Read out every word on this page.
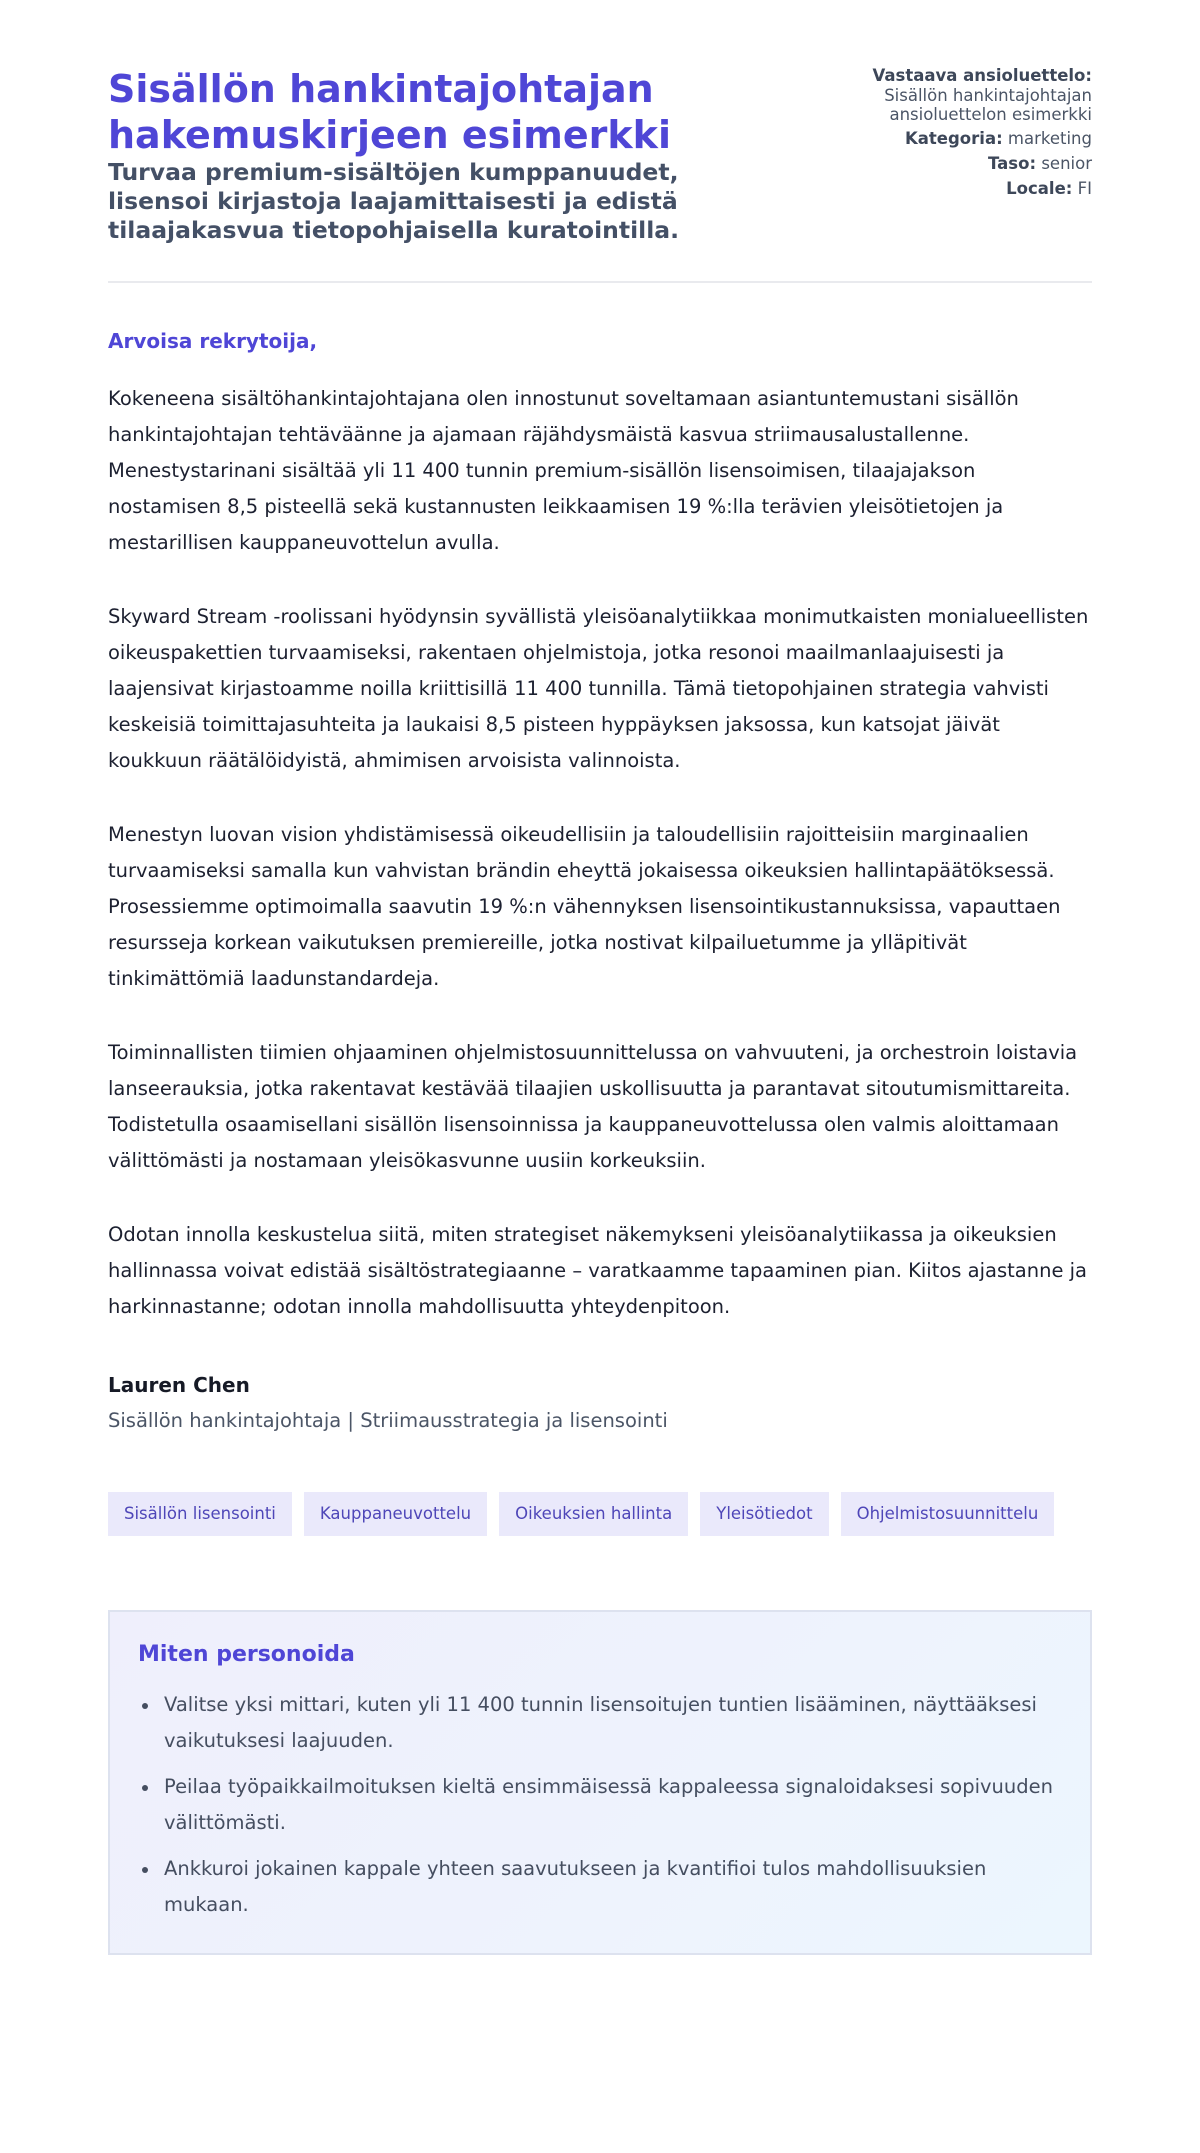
Sisällön hankintajohtajan hakemuskirjeen esimerkki
Turvaa premium-sisältöjen kumppanuudet, lisensoi kirjastoja laajamittaisesti ja edistä tilaajakasvua tietopohjaisella kuratointilla.
Vastaava ansioluettelo:
Sisällön hankintajohtajan ansioluettelon esimerkki
Kategoria: marketing
Taso: senior
Locale: FI

Arvoisa rekrytoija,

Kokeneena sisältöhankintajohtajana olen innostunut soveltamaan asiantuntemustani sisällön hankintajohtajan tehtäväänne ja ajamaan räjähdysmäistä kasvua striimausalustallenne. Menestystarinani sisältää yli 11 400 tunnin premium-sisällön lisensoimisen, tilaajajakson nostamisen 8,5 pisteellä sekä kustannusten leikkaamisen 19 %:lla terävien yleisötietojen ja mestarillisen kauppaneuvottelun avulla.

Skyward Stream -roolissani hyödynsin syvällistä yleisöanalytiikkaa monimutkaisten monialueellisten oikeuspakettien turvaamiseksi, rakentaen ohjelmistoja, jotka resonoi maailmanlaajuisesti ja laajensivat kirjastoamme noilla kriittisillä 11 400 tunnilla. Tämä tietopohjainen strategia vahvisti keskeisiä toimittajasuhteita ja laukaisi 8,5 pisteen hyppäyksen jaksossa, kun katsojat jäivät koukkuun räätälöidyistä, ahmimisen arvoisista valinnoista.

Menestyn luovan vision yhdistämisessä oikeudellisiin ja taloudellisiin rajoitteisiin marginaalien turvaamiseksi samalla kun vahvistan brändin eheyttä jokaisessa oikeuksien hallintapäätöksessä. Prosessiemme optimoimalla saavutin 19 %:n vähennyksen lisensointikustannuksissa, vapauttaen resursseja korkean vaikutuksen premiereille, jotka nostivat kilpailuetumme ja ylläpitivät tinkimättömiä laadunstandardeja.

Toiminnallisten tiimien ohjaaminen ohjelmistosuunnittelussa on vahvuuteni, ja orchestroin loistavia lanseerauksia, jotka rakentavat kestävää tilaajien uskollisuutta ja parantavat sitoutumismittareita. Todistetulla osaamisellani sisällön lisensoinnissa ja kauppaneuvottelussa olen valmis aloittamaan välittömästi ja nostamaan yleisökasvunne uusiin korkeuksiin.

Odotan innolla keskustelua siitä, miten strategiset näkemykseni yleisöanalytiikassa ja oikeuksien hallinnassa voivat edistää sisältöstrategiaanne – varatkaamme tapaaminen pian. Kiitos ajastanne ja harkinnastanne; odotan innolla mahdollisuutta yhteydenpitoon.

Lauren Chen
Sisällön hankintajohtaja | Striimausstrategia ja lisensointi
Sisällön lisensointi	Kauppaneuvottelu	Oikeuksien hallinta	Yleisötiedot	Ohjelmistosuunnittelu
Miten personoida
Valitse yksi mittari, kuten yli 11 400 tunnin lisensoitujen tuntien lisääminen, näyttääksesi vaikutuksesi laajuuden.
Peilaa työpaikkailmoituksen kieltä ensimmäisessä kappaleessa signaloidaksesi sopivuuden välittömästi.
Ankkuroi jokainen kappale yhteen saavutukseen ja kvantifioi tulos mahdollisuuksien mukaan.
